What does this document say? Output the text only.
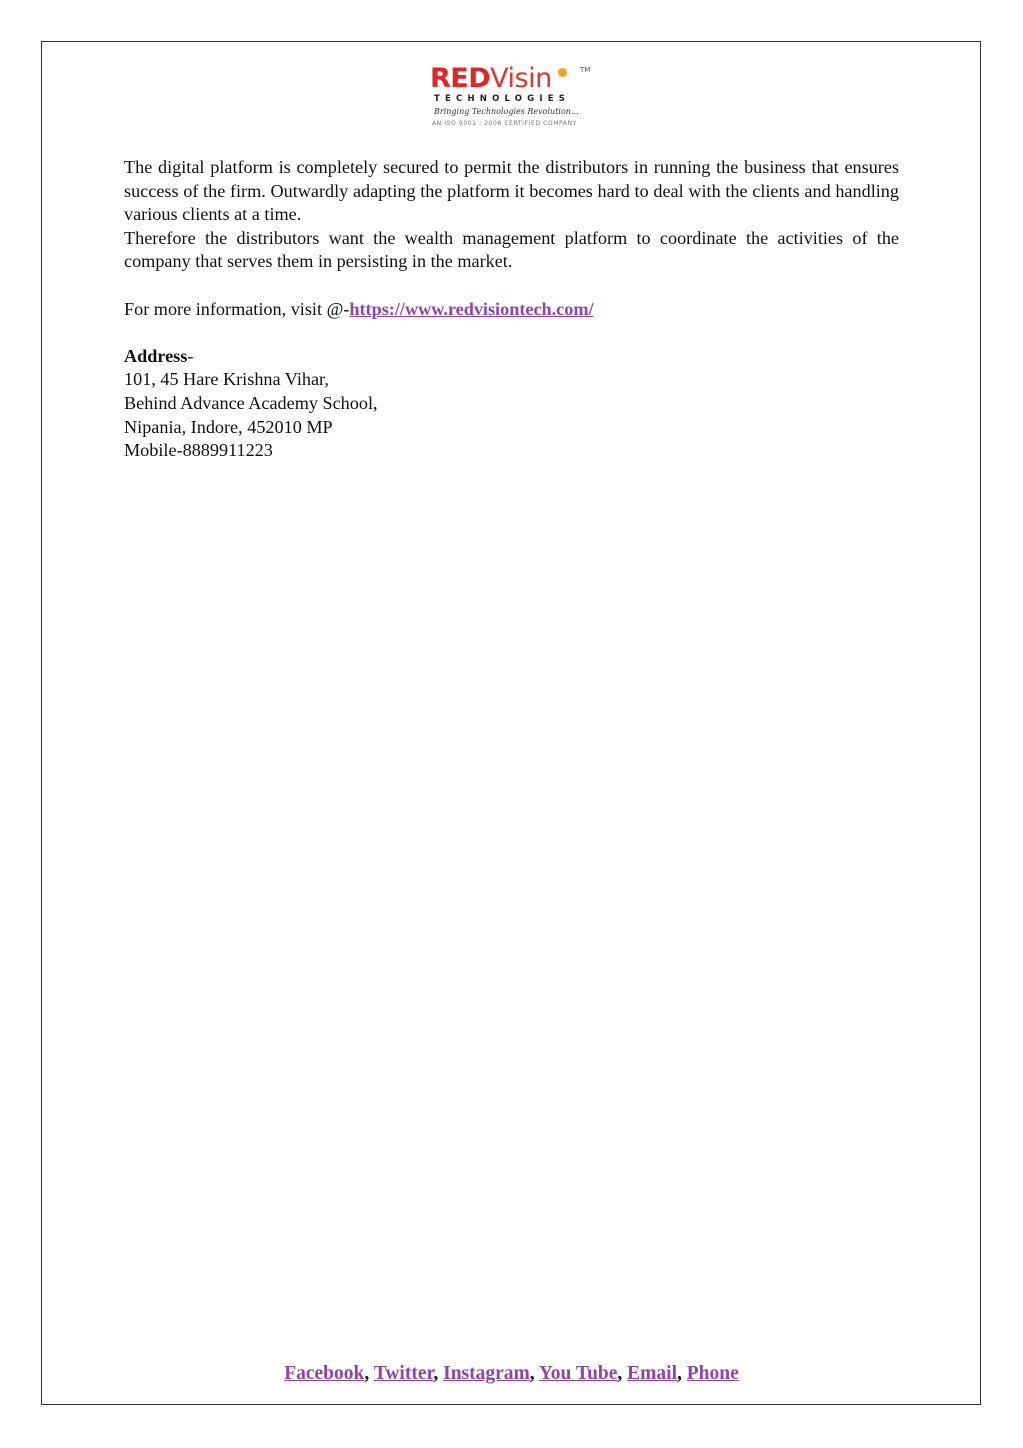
REDVisin	TM
TECHNOLOGIES
Bringing Technologies Revolution...
AN ISO 9001 : 2008 CERTIFIED COMPANY

The digital platform is completely secured to permit the distributors in running the business that ensures success of the firm. Outwardly adapting the platform it becomes hard to deal with the clients and handling various clients at a time.

Therefore the distributors want the wealth management platform to coordinate the activities of the company that serves them in persisting in the market.

For more information, visit @-https://www.redvisiontech.com/

Address-

101, 45 Hare Krishna Vihar,

Behind Advance Academy School,

Nipania, Indore, 452010 MP

Mobile-8889911223

Facebook, Twitter, Instagram, You Tube, Email, Phone
